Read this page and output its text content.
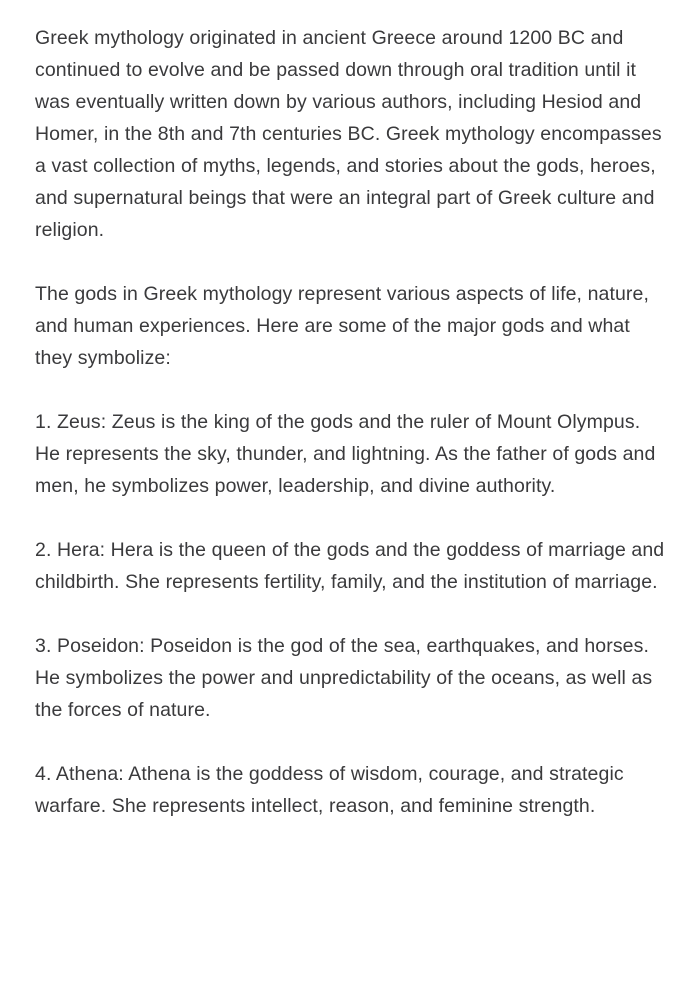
Greek mythology originated in ancient Greece around 1200 BC and continued to evolve and be passed down through oral tradition until it was eventually written down by various authors, including Hesiod and Homer, in the 8th and 7th centuries BC. Greek mythology encompasses a vast collection of myths, legends, and stories about the gods, heroes, and supernatural beings that were an integral part of Greek culture and religion.

The gods in Greek mythology represent various aspects of life, nature, and human experiences. Here are some of the major gods and what they symbolize:

1. Zeus: Zeus is the king of the gods and the ruler of Mount Olympus. He represents the sky, thunder, and lightning. As the father of gods and men, he symbolizes power, leadership, and divine authority.

2. Hera: Hera is the queen of the gods and the goddess of marriage and childbirth. She represents fertility, family, and the institution of marriage.

3. Poseidon: Poseidon is the god of the sea, earthquakes, and horses. He symbolizes the power and unpredictability of the oceans, as well as the forces of nature.

4. Athena: Athena is the goddess of wisdom, courage, and strategic warfare. She represents intellect, reason, and feminine strength.
